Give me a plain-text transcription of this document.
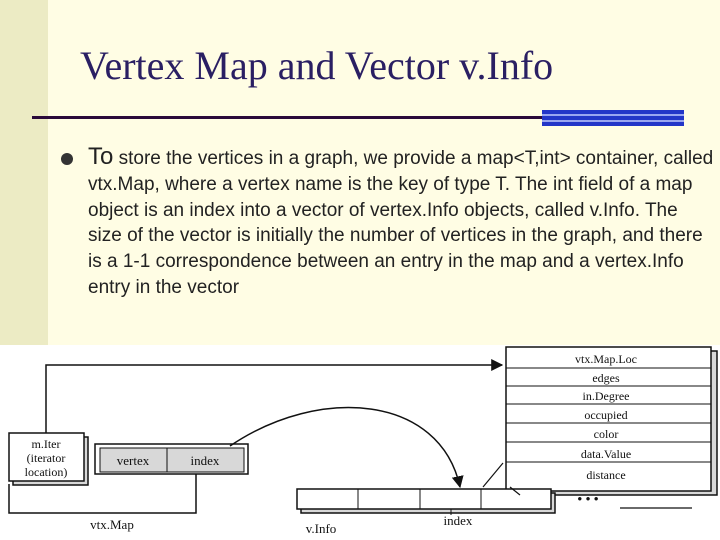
Vertex Map and Vector v.Info

To store the vertices in a graph, we provide a map<T,int> container, called vtx.Map, where a vertex name is the key of type T. The int field of a map object is an index into a vector of vertex.Info objects, called v.Info. The size of the vector is initially the number of vertices in the graph, and there is a 1-1 correspondence between an entry in the map and a vertex.Info entry in the vector

vtx.Map.Loc
edges
in.Degree
occupied
color
data.Value
distance
m.Iter
(iterator
location)
vertex	index
vtx.Map
• • •
v.Info
index
